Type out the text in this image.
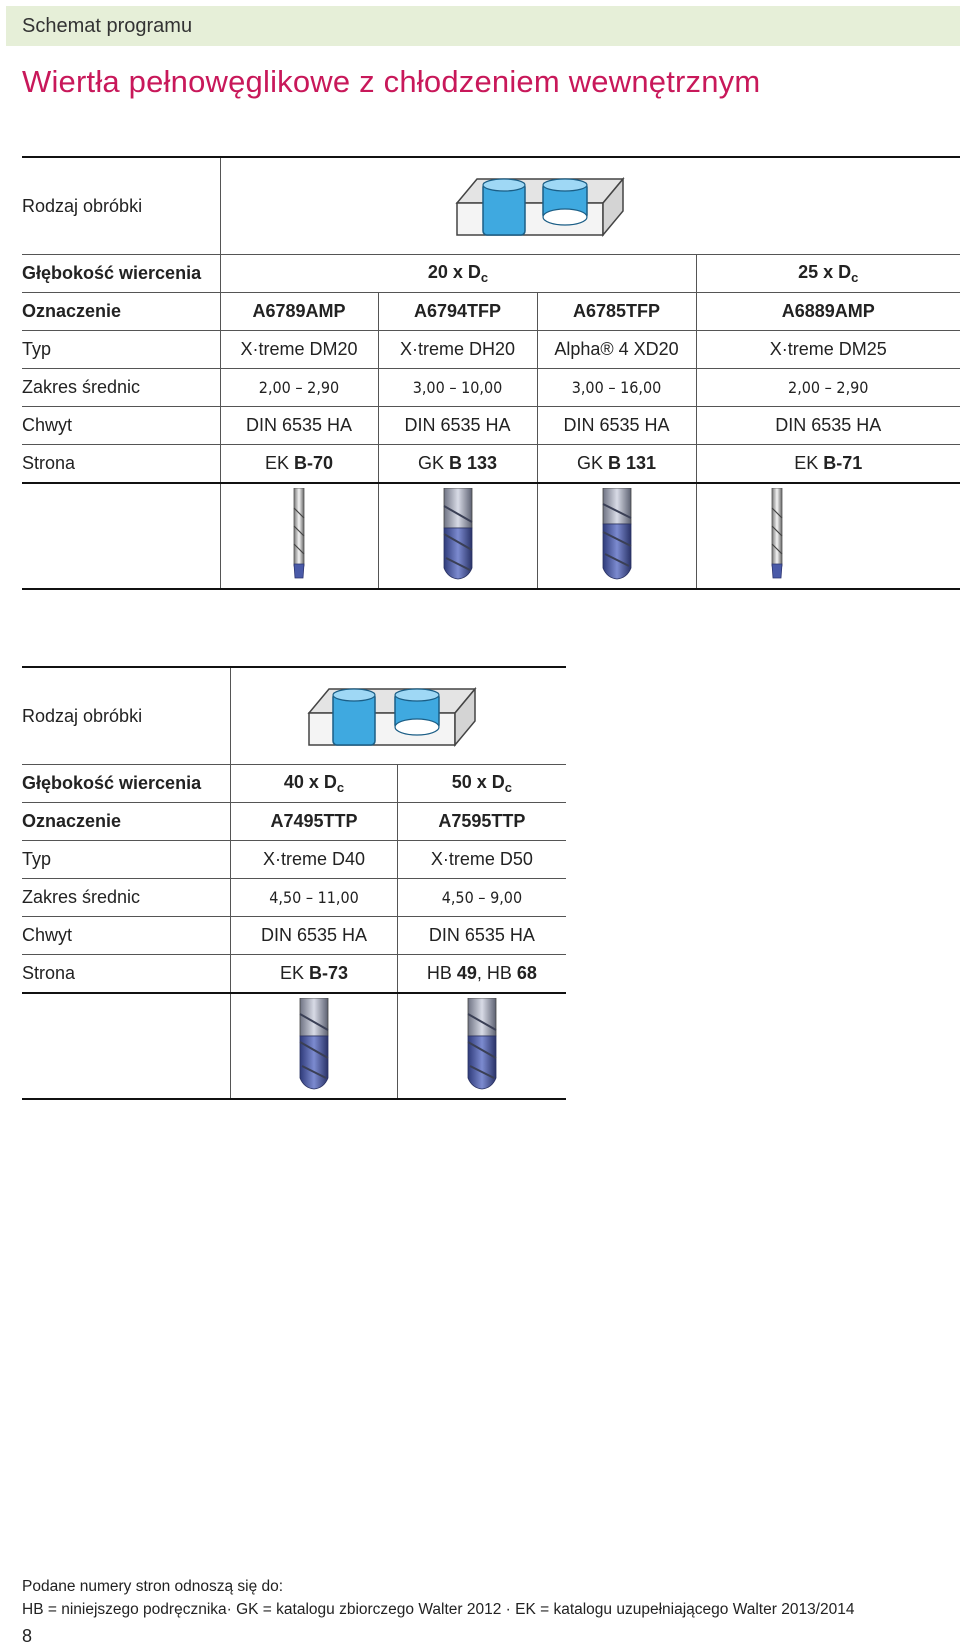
Schemat programu
Wiertła pełnowęglikowe z chłodzeniem wewnętrznym
Rodzaj obróbki	
Głębokość wiercenia	20 x $D_c$			25 x $D_c$
Oznaczenie	A6789AMP	A6794TFP	A6785TFP	A6889AMP
Typ	X·treme DM20	X·treme DH20	Alpha® 4 XD20	X·treme DM25
Zakres średnic	2,00 – 2,90	3,00 – 10,00	3,00 – 16,00	2,00 – 2,90
Chwyt	DIN 6535 HA	DIN 6535 HA	DIN 6535 HA	DIN 6535 HA
Strona	EK B-70	GK B 133	GK B 131	EK B-71

Rodzaj obróbki	
Głębokość wiercenia	40 x $D_c$	50 x $D_c$
Oznaczenie	A7495TTP	A7595TTP
Typ	X·treme D40	X·treme D50
Zakres średnic	4,50 – 11,00	4,50 – 9,00
Chwyt	DIN 6535 HA	DIN 6535 HA
Strona	EK B-73	HB 49, HB 68

Podane numery stron odnoszą się do:
HB = niniejszego podręcznika· GK = katalogu zbiorczego Walter 2012 · EK = katalogu uzupełniającego Walter 2013/2014
8
